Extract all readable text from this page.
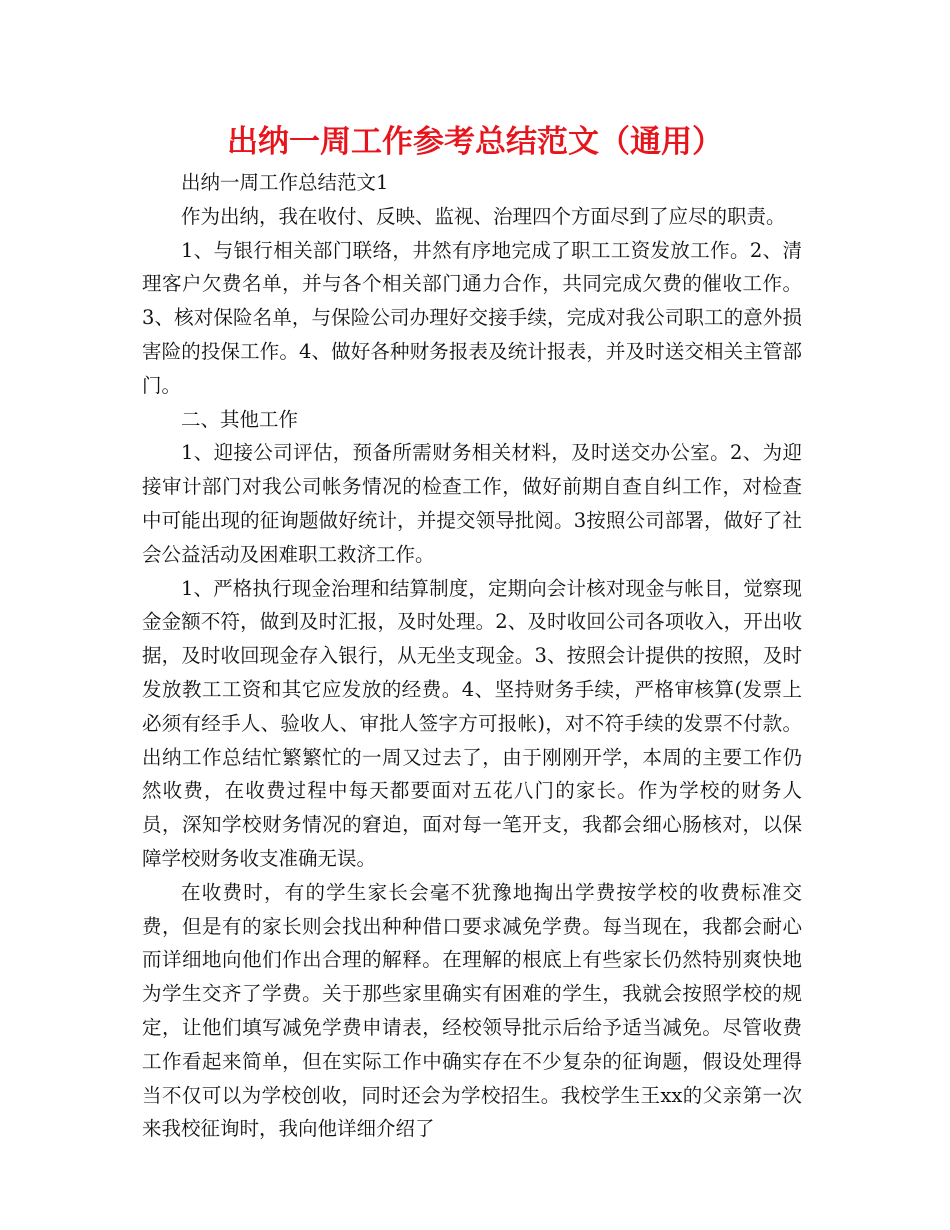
出纳一周工作参考总结范文（通用）

出纳一周工作总结范文1

作为出纳，我在收付、反映、监视、治理四个方面尽到了应尽的职责。

1、与银行相关部门联络，井然有序地完成了职工工资发放工作。2、清理客户欠费名单，并与各个相关部门通力合作，共同完成欠费的催收工作。3、核对保险名单，与保险公司办理好交接手续，完成对我公司职工的意外损害险的投保工作。4、做好各种财务报表及统计报表，并及时送交相关主管部门。

二、其他工作

1、迎接公司评估，预备所需财务相关材料，及时送交办公室。2、为迎接审计部门对我公司帐务情况的检查工作，做好前期自查自纠工作，对检查中可能出现的征询题做好统计，并提交领导批阅。3按照公司部署，做好了社会公益活动及困难职工救济工作。

1、严格执行现金治理和结算制度，定期向会计核对现金与帐目，觉察现金金额不符，做到及时汇报，及时处理。2、及时收回公司各项收入，开出收据，及时收回现金存入银行，从无坐支现金。3、按照会计提供的按照，及时发放教工工资和其它应发放的经费。4、坚持财务手续，严格审核算(发票上必须有经手人、验收人、审批人签字方可报帐)，对不符手续的发票不付款。出纳工作总结忙繁繁忙的一周又过去了，由于刚刚开学，本周的主要工作仍然收费，在收费过程中每天都要面对五花八门的家长。作为学校的财务人员，深知学校财务情况的窘迫，面对每一笔开支，我都会细心肠核对，以保障学校财务收支准确无误。

在收费时，有的学生家长会毫不犹豫地掏出学费按学校的收费标准交费，但是有的家长则会找出种种借口要求减免学费。每当现在，我都会耐心而详细地向他们作出合理的解释。在理解的根底上有些家长仍然特别爽快地为学生交齐了学费。关于那些家里确实有困难的学生，我就会按照学校的规定，让他们填写减免学费申请表，经校领导批示后给予适当减免。尽管收费工作看起来简单，但在实际工作中确实存在不少复杂的征询题，假设处理得当不仅可以为学校创收，同时还会为学校招生。我校学生王xx的父亲第一次来我校征询时，我向他详细介绍了
